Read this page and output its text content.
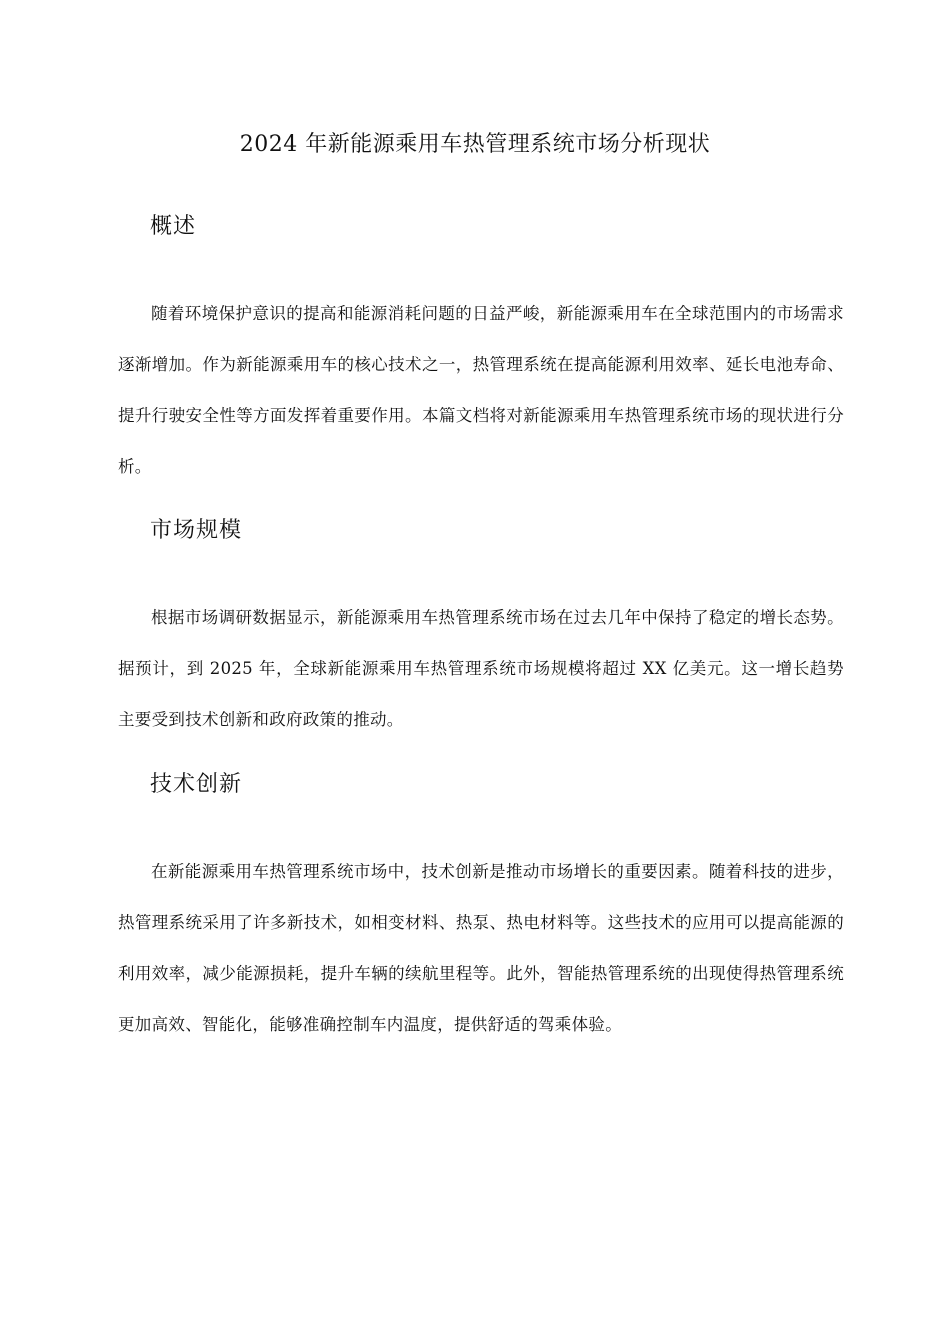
2024 年新能源乘用车热管理系统市场分析现状
概述

随着环境保护意识的提高和能源消耗问题的日益严峻，新能源乘用车在全球范围内的市场需求逐渐增加。作为新能源乘用车的核心技术之一，热管理系统在提高能源利用效率、延长电池寿命、提升行驶安全性等方面发挥着重要作用。本篇文档将对新能源乘用车热管理系统市场的现状进行分析。

市场规模

根据市场调研数据显示，新能源乘用车热管理系统市场在过去几年中保持了稳定的增长态势。据预计，到 2025 年，全球新能源乘用车热管理系统市场规模将超过 XX 亿美元。这一增长趋势主要受到技术创新和政府政策的推动。

技术创新

在新能源乘用车热管理系统市场中，技术创新是推动市场增长的重要因素。随着科技的进步，热管理系统采用了许多新技术，如相变材料、热泵、热电材料等。这些技术的应用可以提高能源的利用效率，减少能源损耗，提升车辆的续航里程等。此外，智能热管理系统的出现使得热管理系统更加高效、智能化，能够准确控制车内温度，提供舒适的驾乘体验。
